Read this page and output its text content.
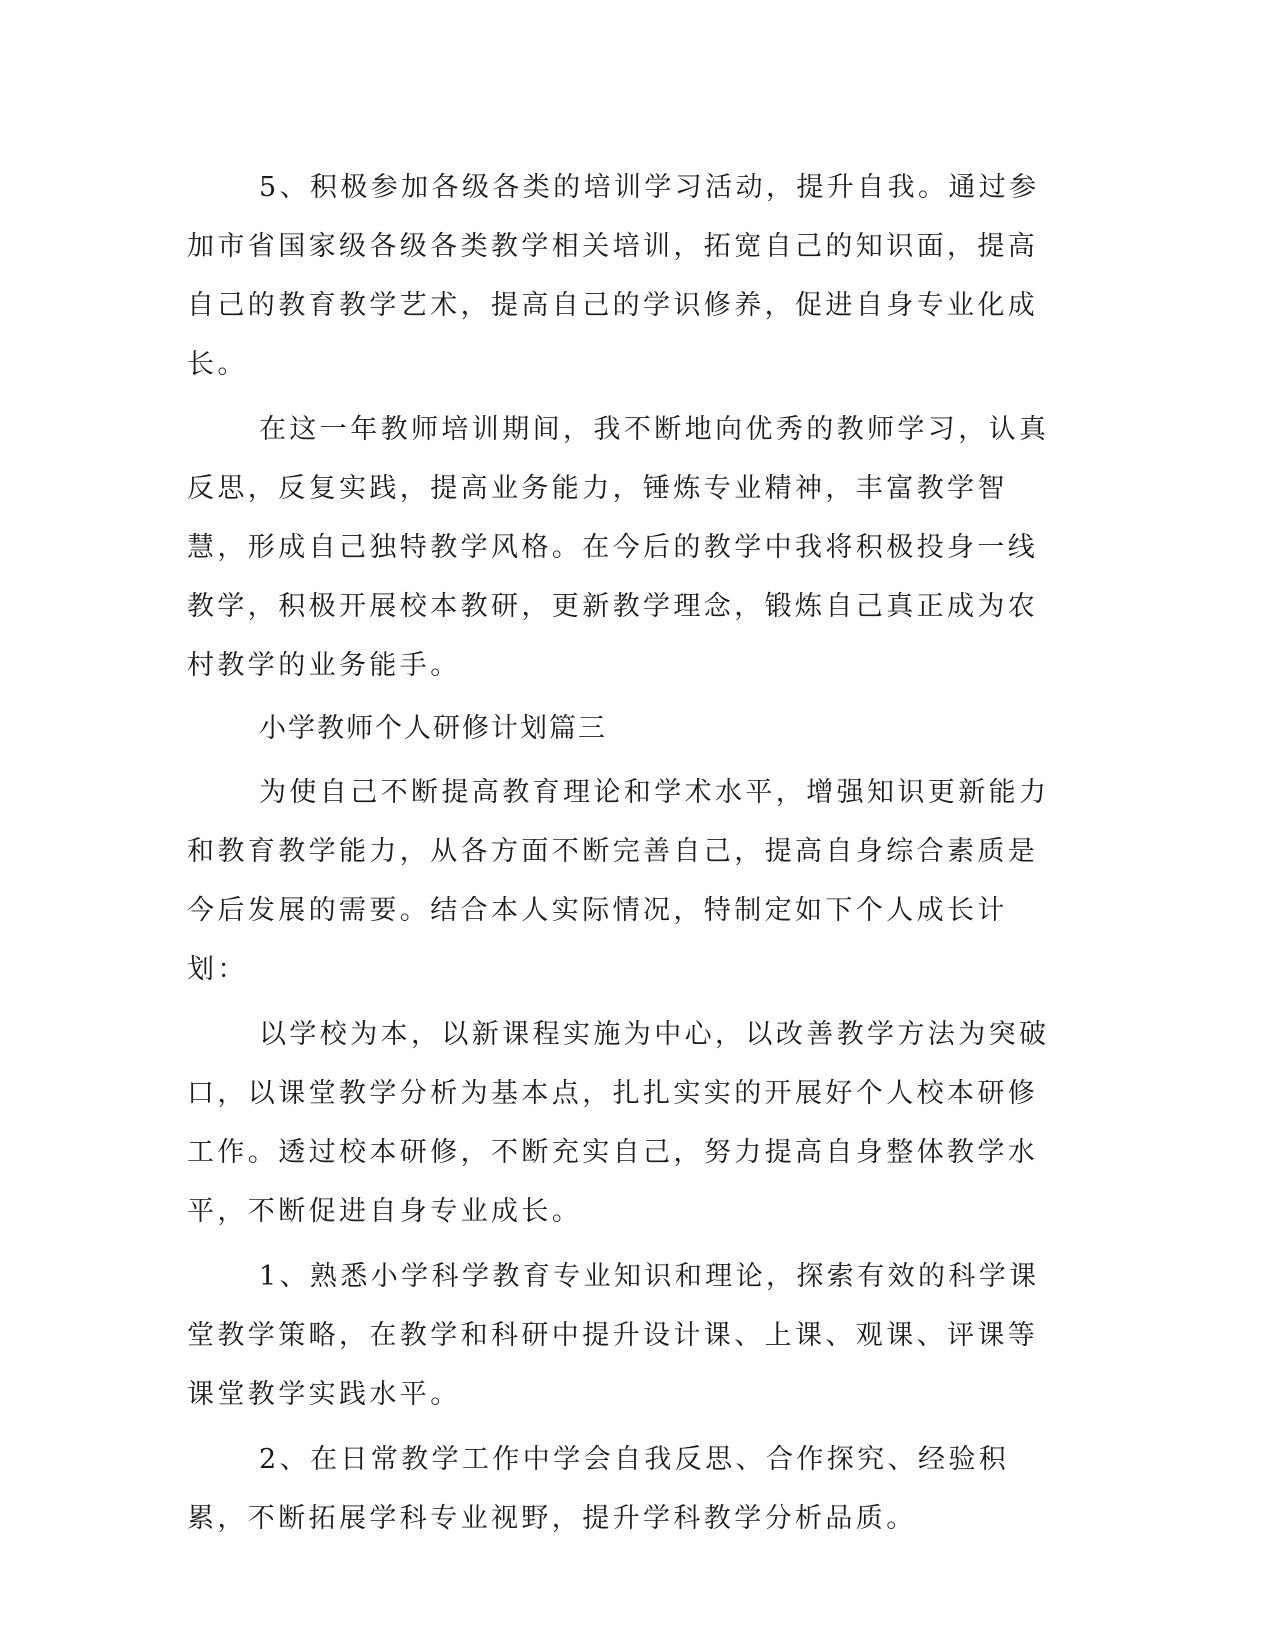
5、积极参加各级各类的培训学习活动，提升自我。通过参加市省国家级各级各类教学相关培训，拓宽自己的知识面，提高自己的教育教学艺术，提高自己的学识修养，促进自身专业化成长。

在这一年教师培训期间，我不断地向优秀的教师学习，认真反思，反复实践，提高业务能力，锤炼专业精神，丰富教学智慧，形成自己独特教学风格。在今后的教学中我将积极投身一线教学，积极开展校本教研，更新教学理念，锻炼自己真正成为农村教学的业务能手。

小学教师个人研修计划篇三

为使自己不断提高教育理论和学术水平，增强知识更新能力和教育教学能力，从各方面不断完善自己，提高自身综合素质是今后发展的需要。结合本人实际情况，特制定如下个人成长计划：

以学校为本，以新课程实施为中心，以改善教学方法为突破口，以课堂教学分析为基本点，扎扎实实的开展好个人校本研修工作。透过校本研修，不断充实自己，努力提高自身整体教学水平，不断促进自身专业成长。

1、熟悉小学科学教育专业知识和理论，探索有效的科学课堂教学策略，在教学和科研中提升设计课、上课、观课、评课等课堂教学实践水平。

2、在日常教学工作中学会自我反思、合作探究、经验积累，不断拓展学科专业视野，提升学科教学分析品质。
